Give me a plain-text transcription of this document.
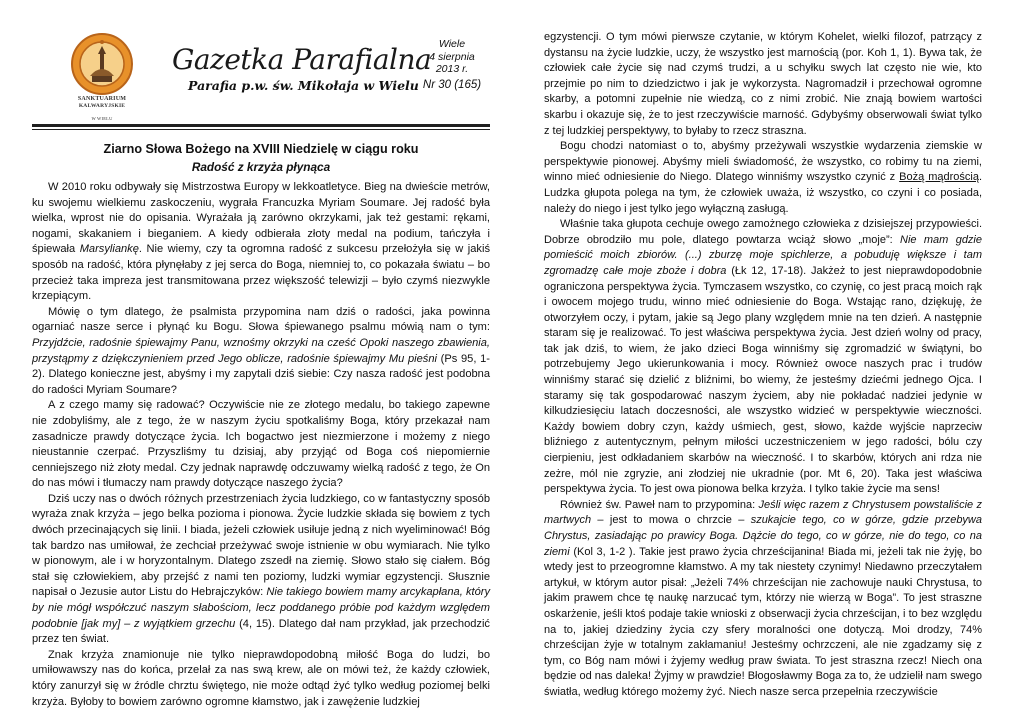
SANKTUARIUM
KALWARYJSKIE
W WIELU
Gazetka Parafialna
Parafia p.w. św. Mikołaja w Wielu
Wiele
4 sierpnia
2013 r.
Nr 30 (165)
Ziarno Słowa Bożego na XVIII Niedzielę w ciągu roku
Radość z krzyża płynąca

W 2010 roku odbywały się Mistrzostwa Europy w lekkoatletyce. Bieg na dwieście metrów, ku swojemu wielkiemu zaskoczeniu, wygrała Francuzka Myriam Soumare. Jej radość była wielka, wprost nie do opisania. Wyrażała ją zarówno okrzykami, jak też gestami: rękami, nogami, skakaniem i bieganiem. A kiedy odbierała złoty medal na podium, tańczyła i śpiewała Marsyliankę. Nie wiemy, czy ta ogromna radość z sukcesu przełożyła się w jakiś sposób na radość, która płynęłaby z jej serca do Boga, niemniej to, co pokazała światu – bo przecież taka impreza jest transmitowana przez większość telewizji – było czymś niezwykle krzepiącym.

Mówię o tym dlatego, że psalmista przypomina nam dziś o radości, jaka powinna ogarniać nasze serce i płynąć ku Bogu. Słowa śpiewanego psalmu mówią nam o tym: Przyjdźcie, radośnie śpiewajmy Panu, wznośmy okrzyki na cześć Opoki naszego zbawienia, przystąpmy z dziękczynieniem przed Jego oblicze, radośnie śpiewajmy Mu pieśni (Ps 95, 1-2). Dlatego konieczne jest, abyśmy i my zapytali dziś siebie: Czy nasza radość jest podobna do radości Myriam Soumare?

A z czego mamy się radować? Oczywiście nie ze złotego medalu, bo takiego zapewne nie zdobyliśmy, ale z tego, że w naszym życiu spotkaliśmy Boga, który przekazał nam zasadnicze prawdy dotyczące życia. Ich bogactwo jest niezmierzone i możemy z niego nieustannie czerpać. Przyszliśmy tu dzisiaj, aby przyjąć od Boga coś niepomiernie cenniejszego niż złoty medal. Czy jednak naprawdę odczuwamy wielką radość z tego, że On do nas mówi i tłumaczy nam prawdy dotyczące naszego życia?

Dziś uczy nas o dwóch różnych przestrzeniach życia ludzkiego, co w fantastyczny sposób wyraża znak krzyża – jego belka pozioma i pionowa. Życie ludzkie składa się bowiem z tych dwóch przecinających się linii. I biada, jeżeli człowiek usiłuje jedną z nich wyeliminować! Bóg tak bardzo nas umiłował, że zechciał przeżywać swoje istnienie w obu wymiarach. Nie tylko w pionowym, ale i w horyzontalnym. Dlatego zszedł na ziemię. Słowo stało się ciałem. Bóg stał się człowiekiem, aby przejść z nami ten poziomy, ludzki wymiar egzystencji. Słusznie napisał o Jezusie autor Listu do Hebrajczyków: Nie takiego bowiem mamy arcykapłana, który by nie mógł współczuć naszym słabościom, lecz poddanego próbie pod każdym względem podobnie [jak my] – z wyjątkiem grzechu (4, 15). Dlatego dał nam przykład, jak przechodzić przez ten świat.

Znak krzyża znamionuje nie tylko nieprawdopodobną miłość Boga do ludzi, bo umiłowawszy nas do końca, przelał za nas swą krew, ale on mówi też, że każdy człowiek, który zanurzył się w źródle chrztu świętego, nie może odtąd żyć tylko według poziomej belki krzyża. Byłoby to bowiem zarówno ogromne kłamstwo, jak i zawężenie ludzkiej

egzystencji. O tym mówi pierwsze czytanie, w którym Kohelet, wielki filozof, patrzący z dystansu na życie ludzkie, uczy, że wszystko jest marnością (por. Koh 1, 1). Bywa tak, że człowiek całe życie się nad czymś trudzi, a u schyłku swych lat często nie wie, kto przejmie po nim to dziedzictwo i jak je wykorzysta. Nagromadził i przechował ogromne skarby, a potomni zupełnie nie wiedzą, co z nimi zrobić. Nie znają bowiem wartości skarbu i okazuje się, że to jest rzeczywiście marność. Gdybyśmy obserwowali świat tylko z tej ludzkiej perspektywy, to byłaby to rzecz straszna.

Bogu chodzi natomiast o to, abyśmy przeżywali wszystkie wydarzenia ziemskie w perspektywie pionowej. Abyśmy mieli świadomość, że wszystko, co robimy tu na ziemi, winno mieć odniesienie do Niego. Dlatego winniśmy wszystko czynić z Bożą mądrością. Ludzka głupota polega na tym, że człowiek uważa, iż wszystko, co czyni i co posiada, należy do niego i jest tylko jego wyłączną zasługą.

Właśnie taka głupota cechuje owego zamożnego człowieka z dzisiejszej przypowieści. Dobrze obrodziło mu pole, dlatego powtarza wciąż słowo „moje”: Nie mam gdzie pomieścić moich zbiorów. (...) zburzę moje spichlerze, a pobuduję większe i tam zgromadzę całe moje zboże i dobra (Łk 12, 17-18). Jakżeż to jest nieprawdopodobnie ograniczona perspektywa życia. Tymczasem wszystko, co czynię, co jest pracą moich rąk i owocem mojego trudu, winno mieć odniesienie do Boga. Wstając rano, dziękuję, że otworzyłem oczy, i pytam, jakie są Jego plany względem mnie na ten dzień. A następnie staram się je realizować. To jest właściwa perspektywa życia. Jest dzień wolny od pracy, tak jak dziś, to wiem, że jako dzieci Boga winniśmy się zgromadzić w świątyni, bo potrzebujemy Jego ukierunkowania i mocy. Również owoce naszych prac i trudów winniśmy starać się dzielić z bliźnimi, bo wiemy, że jesteśmy dziećmi jednego Ojca. I staramy się tak gospodarować naszym życiem, aby nie pokładać nadziei jedynie w kilkudziesięciu latach doczesności, ale wszystko widzieć w perspektywie wieczności. Każdy bowiem dobry czyn, każdy uśmiech, gest, słowo, każde wyjście naprzeciw bliźniego z autentycznym, pełnym miłości uczestniczeniem w jego radości, bólu czy cierpieniu, jest odkładaniem skarbów na wieczność. I to skarbów, których ani rdza nie zeżre, mól nie zgryzie, ani złodziej nie ukradnie (por. Mt 6, 20). Taka jest właściwa perspektywa życia. To jest owa pionowa belka krzyża. I tylko takie życie ma sens!

Również św. Paweł nam to przypomina: Jeśli więc razem z Chrystusem powstaliście z martwych – jest to mowa o chrzcie – szukajcie tego, co w górze, gdzie przebywa Chrystus, zasiadając po prawicy Boga. Dążcie do tego, co w górze, nie do tego, co na ziemi (Kol 3, 1-2 ). Takie jest prawo życia chrześcijanina! Biada mi, jeżeli tak nie żyję, bo wtedy jest to przeogromne kłamstwo. A my tak niestety czynimy! Niedawno przeczytałem artykuł, w którym autor pisał: „Jeżeli 74% chrześcijan nie zachowuje nauki Chrystusa, to jakim prawem chce tę naukę narzucać tym, którzy nie wierzą w Boga”. To jest straszne oskarżenie, jeśli ktoś podaje takie wnioski z obserwacji życia chrześcijan, i to bez względu na to, jakiej dziedziny życia czy sfery moralności one dotyczą. Moi drodzy, 74% chrześcijan żyje w totalnym zakłamaniu! Jesteśmy ochrzczeni, ale nie zgadzamy się z tym, co Bóg nam mówi i żyjemy według praw świata. To jest straszna rzecz! Niech ona będzie od nas daleka! Żyjmy w prawdzie! Błogosławmy Boga za to, że udzielił nam swego światła, według którego możemy żyć. Niech nasze serca przepełnia rzeczywiście
